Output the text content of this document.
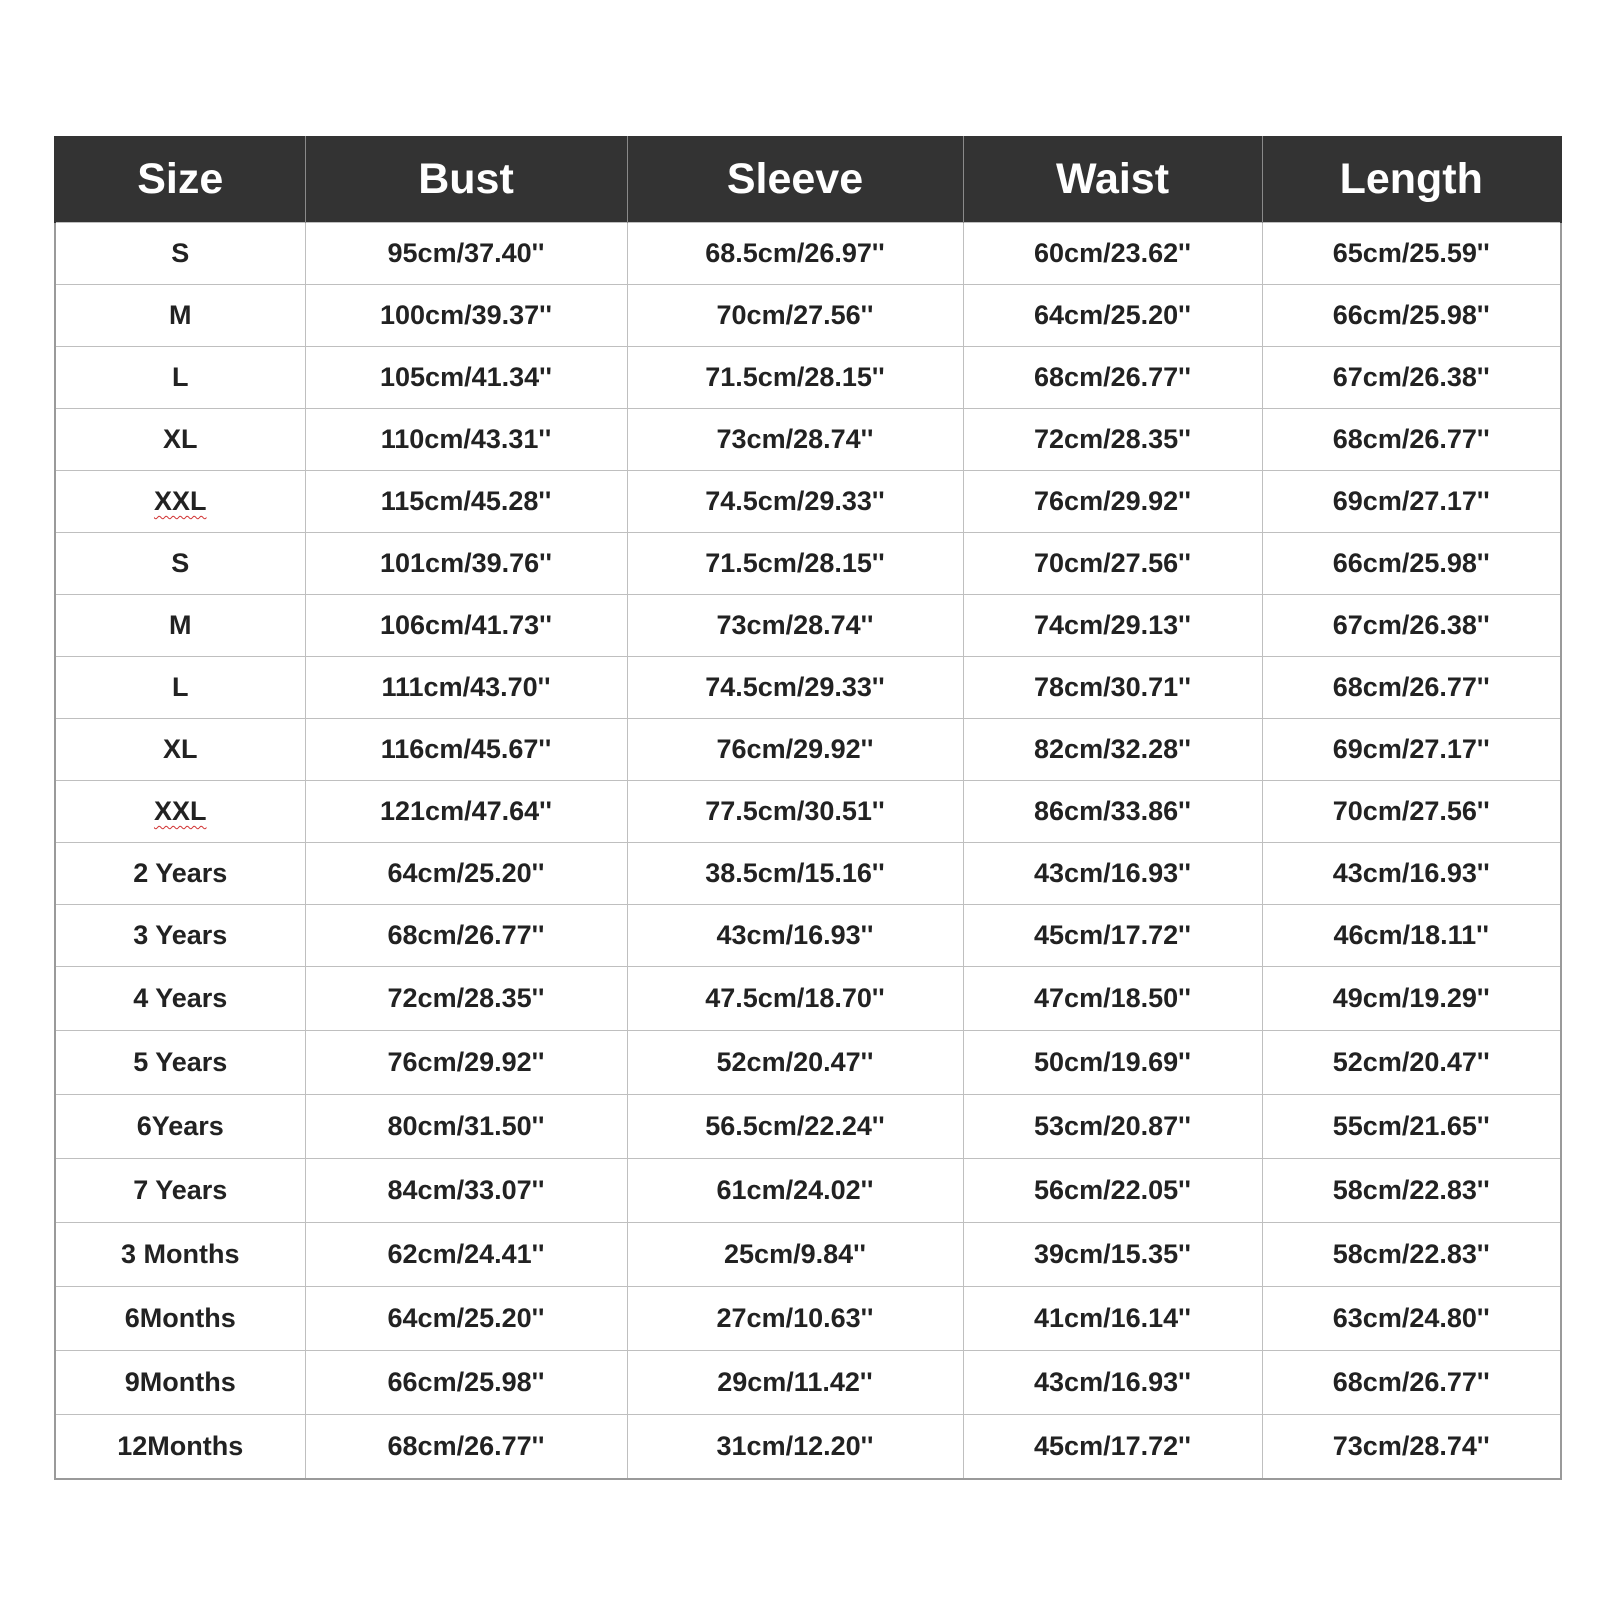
Size	Bust	Sleeve	Waist	Length
S	95cm/37.40''	68.5cm/26.97''	60cm/23.62''	65cm/25.59''
M	100cm/39.37''	70cm/27.56''	64cm/25.20''	66cm/25.98''
L	105cm/41.34''	71.5cm/28.15''	68cm/26.77''	67cm/26.38''
XL	110cm/43.31''	73cm/28.74''	72cm/28.35''	68cm/26.77''
XXL	115cm/45.28''	74.5cm/29.33''	76cm/29.92''	69cm/27.17''
S	101cm/39.76''	71.5cm/28.15''	70cm/27.56''	66cm/25.98''
M	106cm/41.73''	73cm/28.74''	74cm/29.13''	67cm/26.38''
L	111cm/43.70''	74.5cm/29.33''	78cm/30.71''	68cm/26.77''
XL	116cm/45.67''	76cm/29.92''	82cm/32.28''	69cm/27.17''
XXL	121cm/47.64''	77.5cm/30.51''	86cm/33.86''	70cm/27.56''
2 Years	64cm/25.20''	38.5cm/15.16''	43cm/16.93''	43cm/16.93''
3 Years	68cm/26.77''	43cm/16.93''	45cm/17.72''	46cm/18.11''
4 Years	72cm/28.35''	47.5cm/18.70''	47cm/18.50''	49cm/19.29''
5 Years	76cm/29.92''	52cm/20.47''	50cm/19.69''	52cm/20.47''
6Years	80cm/31.50''	56.5cm/22.24''	53cm/20.87''	55cm/21.65''
7 Years	84cm/33.07''	61cm/24.02''	56cm/22.05''	58cm/22.83''
3 Months	62cm/24.41''	25cm/9.84''	39cm/15.35''	58cm/22.83''
6Months	64cm/25.20''	27cm/10.63''	41cm/16.14''	63cm/24.80''
9Months	66cm/25.98''	29cm/11.42''	43cm/16.93''	68cm/26.77''
12Months	68cm/26.77''	31cm/12.20''	45cm/17.72''	73cm/28.74''
